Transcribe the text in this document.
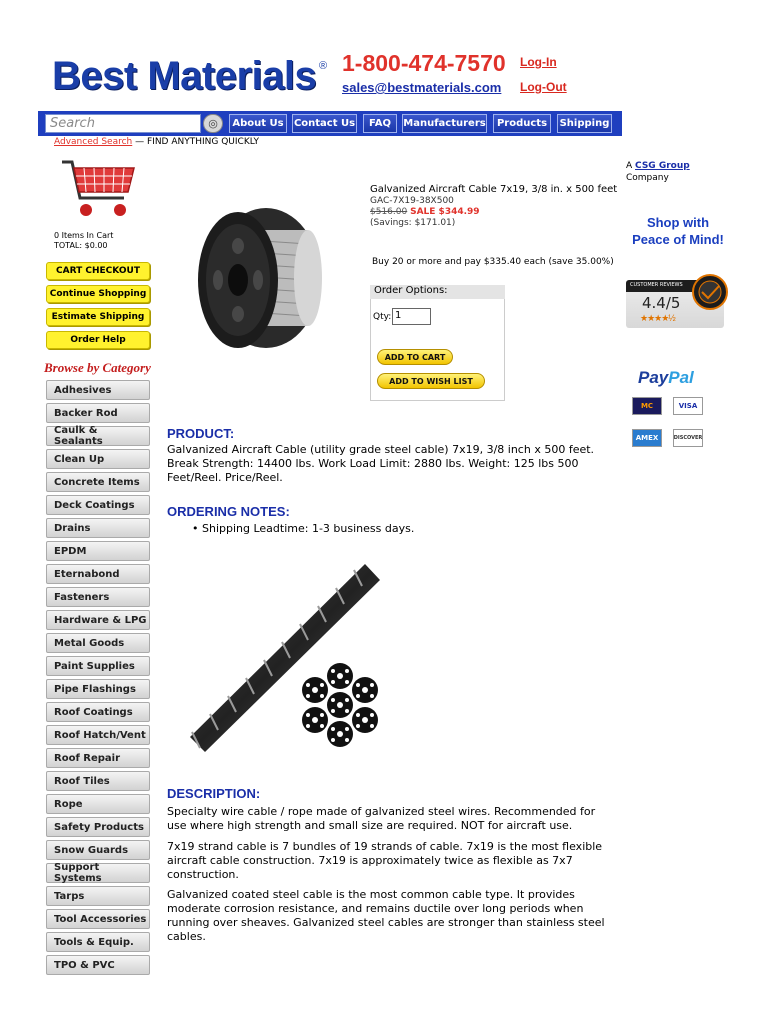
Best Materials ® 1-800-474-7570
sales@bestmaterials.com
Log-In
Log-Out
Search	◎	About Us	Contact Us	FAQ	Manufacturers	Products	Shipping
Advanced Search — FIND ANYTHING QUICKLY
0 Items In Cart
TOTAL: $0.00
CART CHECKOUT
Continue Shopping
Estimate Shipping
Order Help
Browse by Category
Adhesives
Backer Rod
Caulk & Sealants
Clean Up
Concrete Items
Deck Coatings
Drains
EPDM
Eternabond
Fasteners
Hardware & LPG
Metal Goods
Paint Supplies
Pipe Flashings
Roof Coatings
Roof Hatch/Vent
Roof Repair
Roof Tiles
Rope
Safety Products
Snow Guards
Support Systems
Tarps
Tool Accessories
Tools & Equip.
TPO & PVC
Galvanized Aircraft Cable 7x19, 3/8 in. x 500 feet
GAC-7X19-38X500
$516.00 SALE $344.99
(Savings: $171.01)
Buy 20 or more and pay $335.40 each (save 35.00%)
Order Options:
Qty: 1
ADD TO CART
ADD TO WISH LIST
PRODUCT:
Galvanized Aircraft Cable (utility grade steel cable) 7x19, 3/8 inch x 500 feet. Break Strength: 14400 lbs. Work Load Limit: 2880 lbs. Weight: 125 lbs 500 Feet/Reel. Price/Reel.
ORDERING NOTES:
• Shipping Leadtime: 1-3 business days.
DESCRIPTION:
Specialty wire cable / rope made of galvanized steel wires. Recommended for use where high strength and small size are required. NOT for aircraft use.
7x19 strand cable is 7 bundles of 19 strands of cable. 7x19 is the most flexible aircraft cable construction. 7x19 is approximately twice as flexible as 7x7 construction.
Galvanized coated steel cable is the most common cable type. It provides moderate corrosion resistance, and remains ductile over long periods when running over sheaves. Galvanized steel cables are stronger than stainless steel cables.
A CSG Group
Company
Shop with
Peace of Mind!
CUSTOMER REVIEWS
4.4/5
★★★★½
PayPal
MC	VISA
AMEX	DISCOVER
